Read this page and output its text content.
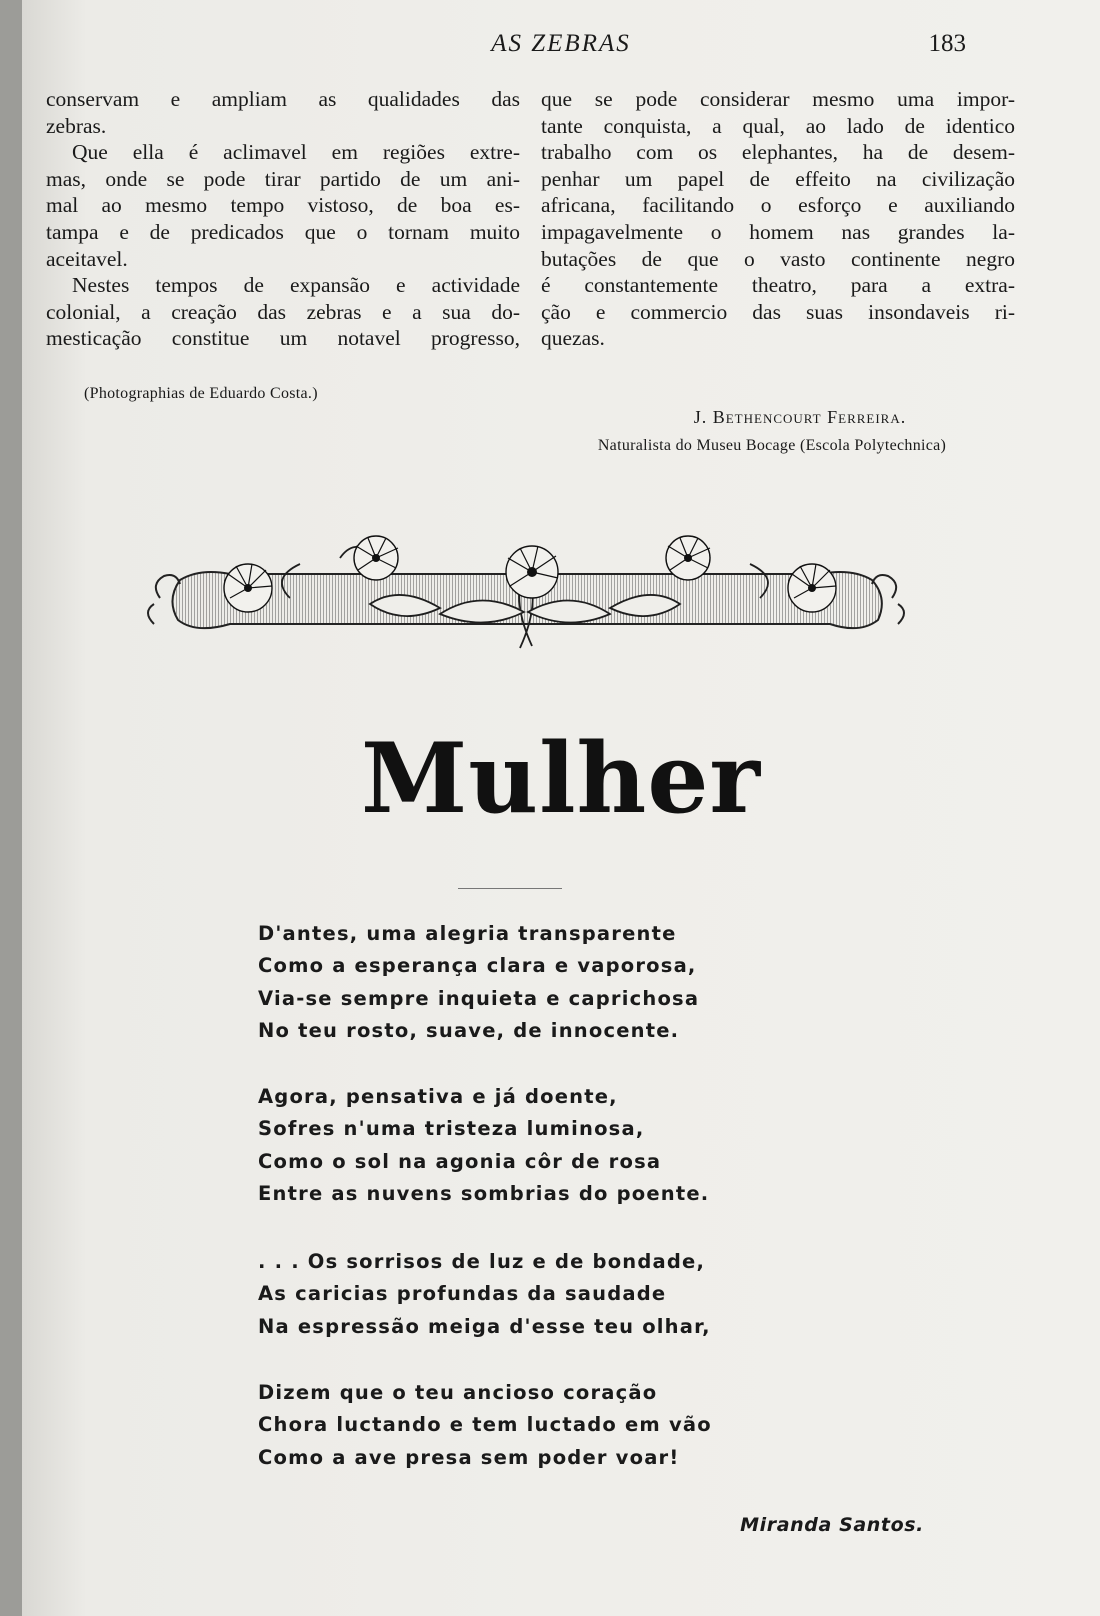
AS ZEBRAS	183

conservam e ampliam as qualidades das
zebras.

Que ella é aclimavel em regiões extre-
mas, onde se pode tirar partido de um ani-
mal ao mesmo tempo vistoso, de boa es-
tampa e de predicados que o tornam muito
aceitavel.

Nestes tempos de expansão e actividade
colonial, a creação das zebras e a sua do-
mesticação constitue um notavel progresso,

que se pode considerar mesmo uma impor-
tante conquista, a qual, ao lado de identico
trabalho com os elephantes, ha de desem-
penhar um papel de effeito na civilização
africana, facilitando o esforço e auxiliando
impagavelmente o homem nas grandes la-
butações de que o vasto continente negro
é constantemente theatro, para a extra-
ção e commercio das suas insondaveis ri-
quezas.

(Photographias de Eduardo Costa.)
J. Bethencourt Ferreira.
Naturalista do Museu Bocage (Escola Polytechnica)
Mulher
D'antes, uma alegria transparente
Como a esperança clara e vaporosa,
Via-se sempre inquieta e caprichosa
No teu rosto, suave, de innocente.
Agora, pensativa e já doente,
Sofres n'uma tristeza luminosa,
Como o sol na agonia côr de rosa
Entre as nuvens sombrias do poente.
. . . Os sorrisos de luz e de bondade,
As caricias profundas da saudade
Na espressão meiga d'esse teu olhar,
Dizem que o teu ancioso coração
Chora luctando e tem luctado em vão
Como a ave presa sem poder voar!
Miranda Santos.
